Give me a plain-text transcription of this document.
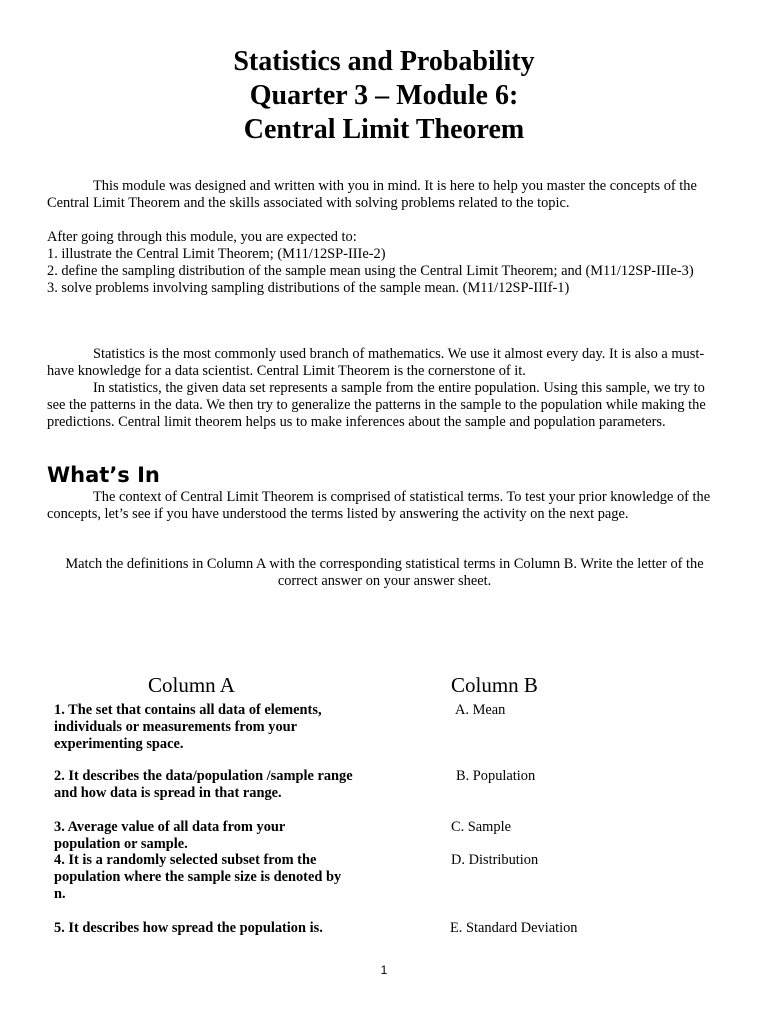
Statistics and Probability
Quarter 3 – Module 6:
Central Limit Theorem

This module was designed and written with you in mind. It is here to help you master the concepts of the Central Limit Theorem and the skills associated with solving problems related to the topic.

After going through this module, you are expected to:

1. illustrate the Central Limit Theorem; (M11/12SP-IIIe-2)

2. define the sampling distribution of the sample mean using the Central Limit Theorem; and (M11/12SP-IIIe-3)

3. solve problems involving sampling distributions of the sample mean. (M11/12SP-IIIf-1)

Statistics is the most commonly used branch of mathematics. We use it almost every day. It is also a must-have knowledge for a data scientist. Central Limit Theorem is the cornerstone of it.

In statistics, the given data set represents a sample from the entire population. Using this sample, we try to see the patterns in the data. We then try to generalize the patterns in the sample to the population while making the predictions. Central limit theorem helps us to make inferences about the sample and population parameters.

What’s In

The context of Central Limit Theorem is comprised of statistical terms. To test your prior knowledge of the concepts, let’s see if you have understood the terms listed by answering the activity on the next page.

Match the definitions in Column A with the corresponding statistical terms in Column B. Write the letter of the correct answer on your answer sheet.

Column A	Column B
1. The set that contains all data of elements, individuals or measurements from your experimenting space.
2. It describes the data/population /sample range and how data is spread in that range.
3. Average value of all data from your population or sample.
4. It is a randomly selected subset from the population where the sample size is denoted by n.
5. It describes how spread the population is.
A. Mean
B. Population
C. Sample
D. Distribution
E. Standard Deviation
1
